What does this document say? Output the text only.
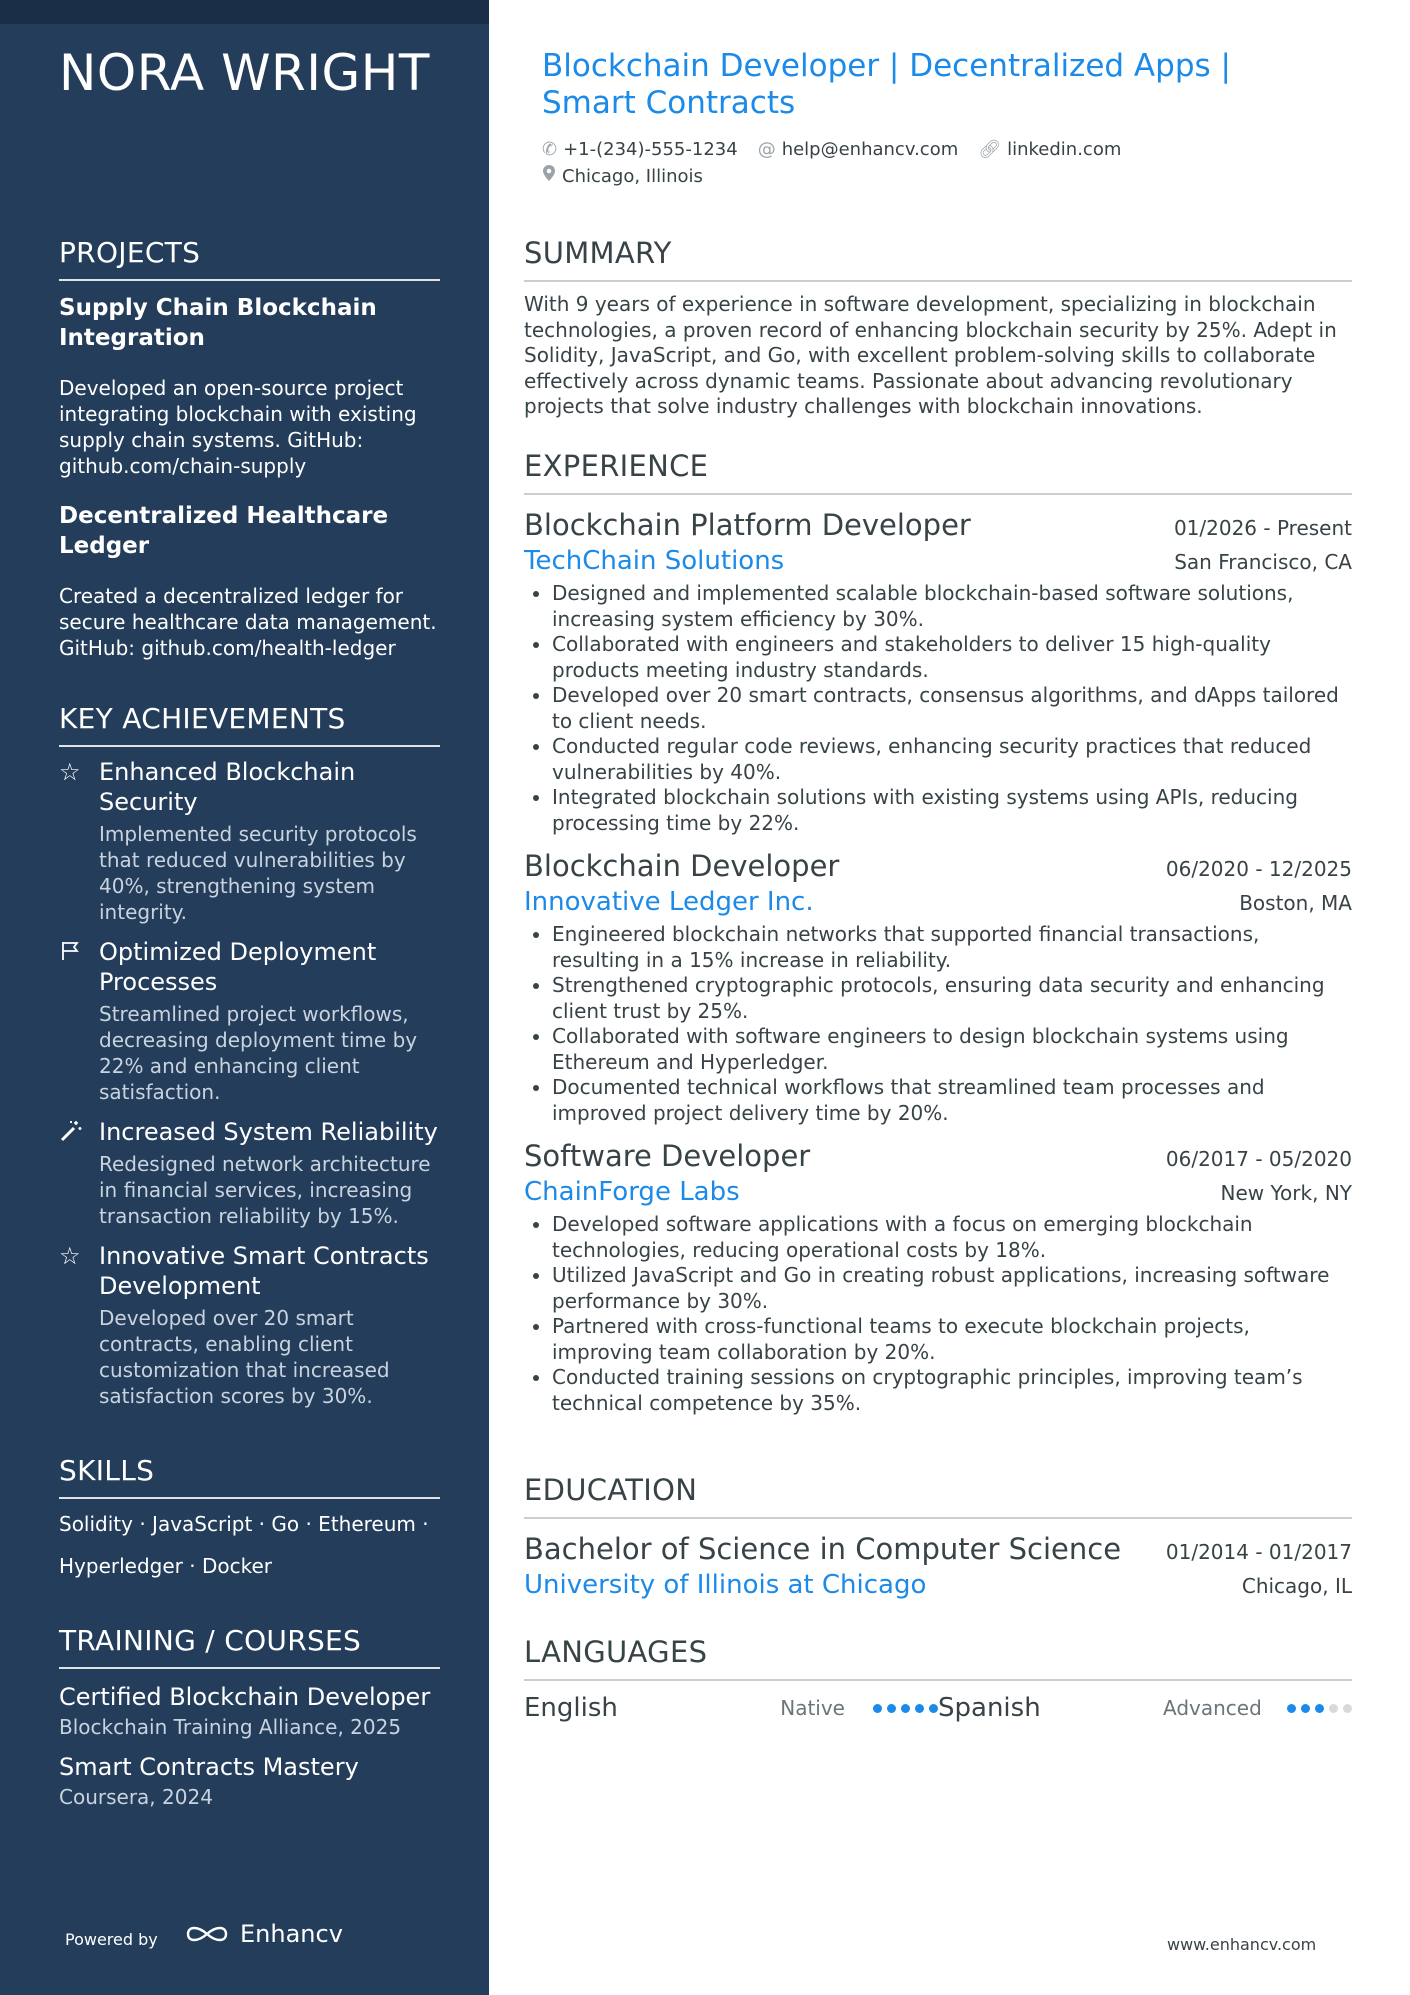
NORA WRIGHT
PROJECTS
Supply Chain Blockchain Integration
Developed an open-source project integrating blockchain with existing supply chain systems. GitHub: github.com/chain-supply
Decentralized Healthcare Ledger
Created a decentralized ledger for secure healthcare data management. GitHub: github.com/health-ledger
KEY ACHIEVEMENTS
☆ Enhanced Blockchain Security
Implemented security protocols that reduced vulnerabilities by 40%, strengthening system integrity.
Optimized Deployment Processes
Streamlined project workflows, decreasing deployment time by 22% and enhancing client satisfaction.
Increased System Reliability
Redesigned network architecture in financial services, increasing transaction reliability by 15%.
☆ Innovative Smart Contracts Development
Developed over 20 smart contracts, enabling client customization that increased satisfaction scores by 30%.
SKILLS
Solidity · JavaScript · Go · Ethereum ·
Hyperledger · Docker
TRAINING / COURSES
Certified Blockchain Developer
Blockchain Training Alliance, 2025
Smart Contracts Mastery
Coursera, 2024
Powered by	Enhancv
Blockchain Developer | Decentralized Apps | Smart Contracts
✆ +1-(234)-555-1234 @ help@enhancv.com 🔗︎ linkedin.com
Chicago, Illinois
SUMMARY
With 9 years of experience in software development, specializing in blockchain technologies, a proven record of enhancing blockchain security by 25%. Adept in Solidity, JavaScript, and Go, with excellent problem-solving skills to collaborate effectively across dynamic teams. Passionate about advancing revolutionary projects that solve industry challenges with blockchain innovations.
EXPERIENCE
Blockchain Platform Developer	01/2026 - Present
TechChain Solutions	San Francisco, CA
• Designed and implemented scalable blockchain-based software solutions, increasing system efficiency by 30%.
• Collaborated with engineers and stakeholders to deliver 15 high-quality products meeting industry standards.
• Developed over 20 smart contracts, consensus algorithms, and dApps tailored to client needs.
• Conducted regular code reviews, enhancing security practices that reduced vulnerabilities by 40%.
• Integrated blockchain solutions with existing systems using APIs, reducing processing time by 22%.
Blockchain Developer	06/2020 - 12/2025
Innovative Ledger Inc.	Boston, MA
• Engineered blockchain networks that supported financial transactions, resulting in a 15% increase in reliability.
• Strengthened cryptographic protocols, ensuring data security and enhancing client trust by 25%.
• Collaborated with software engineers to design blockchain systems using Ethereum and Hyperledger.
• Documented technical workflows that streamlined team processes and improved project delivery time by 20%.
Software Developer	06/2017 - 05/2020
ChainForge Labs	New York, NY
• Developed software applications with a focus on emerging blockchain technologies, reducing operational costs by 18%.
• Utilized JavaScript and Go in creating robust applications, increasing software performance by 30%.
• Partnered with cross-functional teams to execute blockchain projects, improving team collaboration by 20%.
• Conducted training sessions on cryptographic principles, improving team’s technical competence by 35%.
EDUCATION
Bachelor of Science in Computer Science 01/2014 - 01/2017
University of Illinois at Chicago	Chicago, IL
LANGUAGES
English	Native	Spanish	Advanced
www.enhancv.com
